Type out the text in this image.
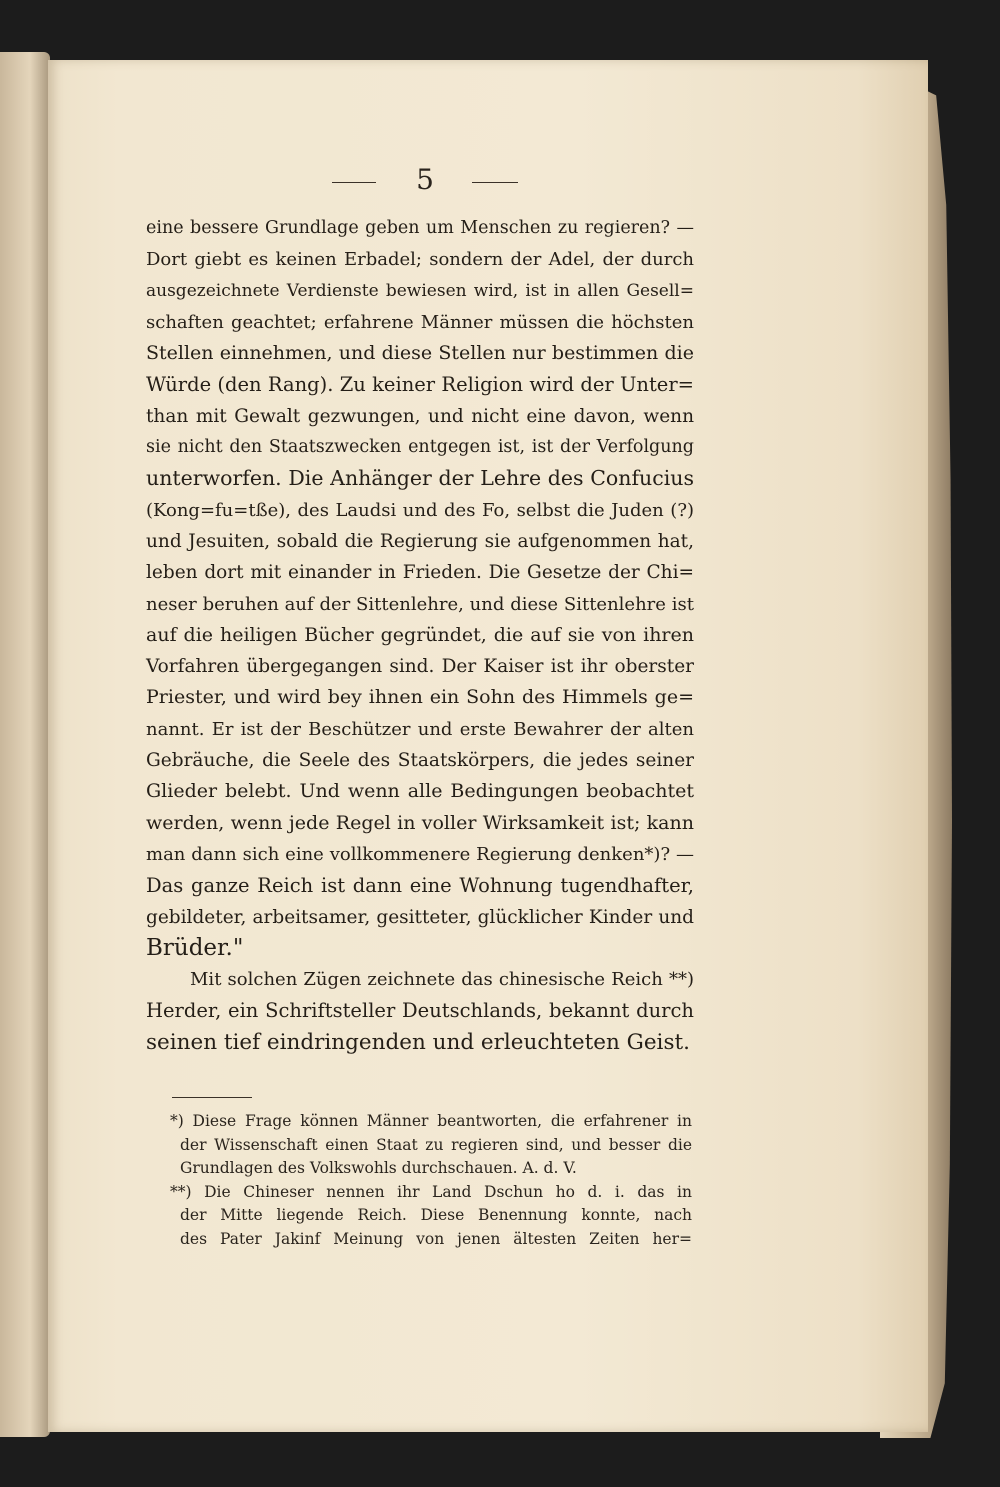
5
eine bessere Grundlage geben um Menschen zu regieren? —
Dort giebt es keinen Erbadel; sondern der Adel, der durch
ausgezeichnete Verdienste bewiesen wird, ist in allen Gesell=
schaften geachtet; erfahrene Männer müssen die höchsten
Stellen einnehmen, und diese Stellen nur bestimmen die
Würde (den Rang). Zu keiner Religion wird der Unter=
than mit Gewalt gezwungen, und nicht eine davon, wenn
sie nicht den Staatszwecken entgegen ist, ist der Verfolgung
unterworfen. Die Anhänger der Lehre des Confucius
(Kong=fu=tße), des Laudsi und des Fo, selbst die Juden (?)
und Jesuiten, sobald die Regierung sie aufgenommen hat,
leben dort mit einander in Frieden. Die Gesetze der Chi=
neser beruhen auf der Sittenlehre, und diese Sittenlehre ist
auf die heiligen Bücher gegründet, die auf sie von ihren
Vorfahren übergegangen sind. Der Kaiser ist ihr oberster
Priester, und wird bey ihnen ein Sohn des Himmels ge=
nannt. Er ist der Beschützer und erste Bewahrer der alten
Gebräuche, die Seele des Staatskörpers, die jedes seiner
Glieder belebt. Und wenn alle Bedingungen beobachtet
werden, wenn jede Regel in voller Wirksamkeit ist; kann
man dann sich eine vollkommenere Regierung denken*)? —
Das ganze Reich ist dann eine Wohnung tugendhafter,
gebildeter, arbeitsamer, gesitteter, glücklicher Kinder und
Brüder."
Mit solchen Zügen zeichnete das chinesische Reich **)
Herder, ein Schriftsteller Deutschlands, bekannt durch
seinen tief eindringenden und erleuchteten Geist.
*) Diese Frage können Männer beantworten, die erfahrener in
der Wissenschaft einen Staat zu regieren sind, und besser die
Grundlagen des Volkswohls durchschauen. A. d. V.
**) Die Chineser nennen ihr Land Dschun ho d. i. das in
der Mitte liegende Reich. Diese Benennung konnte, nach
des Pater Jakinf Meinung von jenen ältesten Zeiten her=
